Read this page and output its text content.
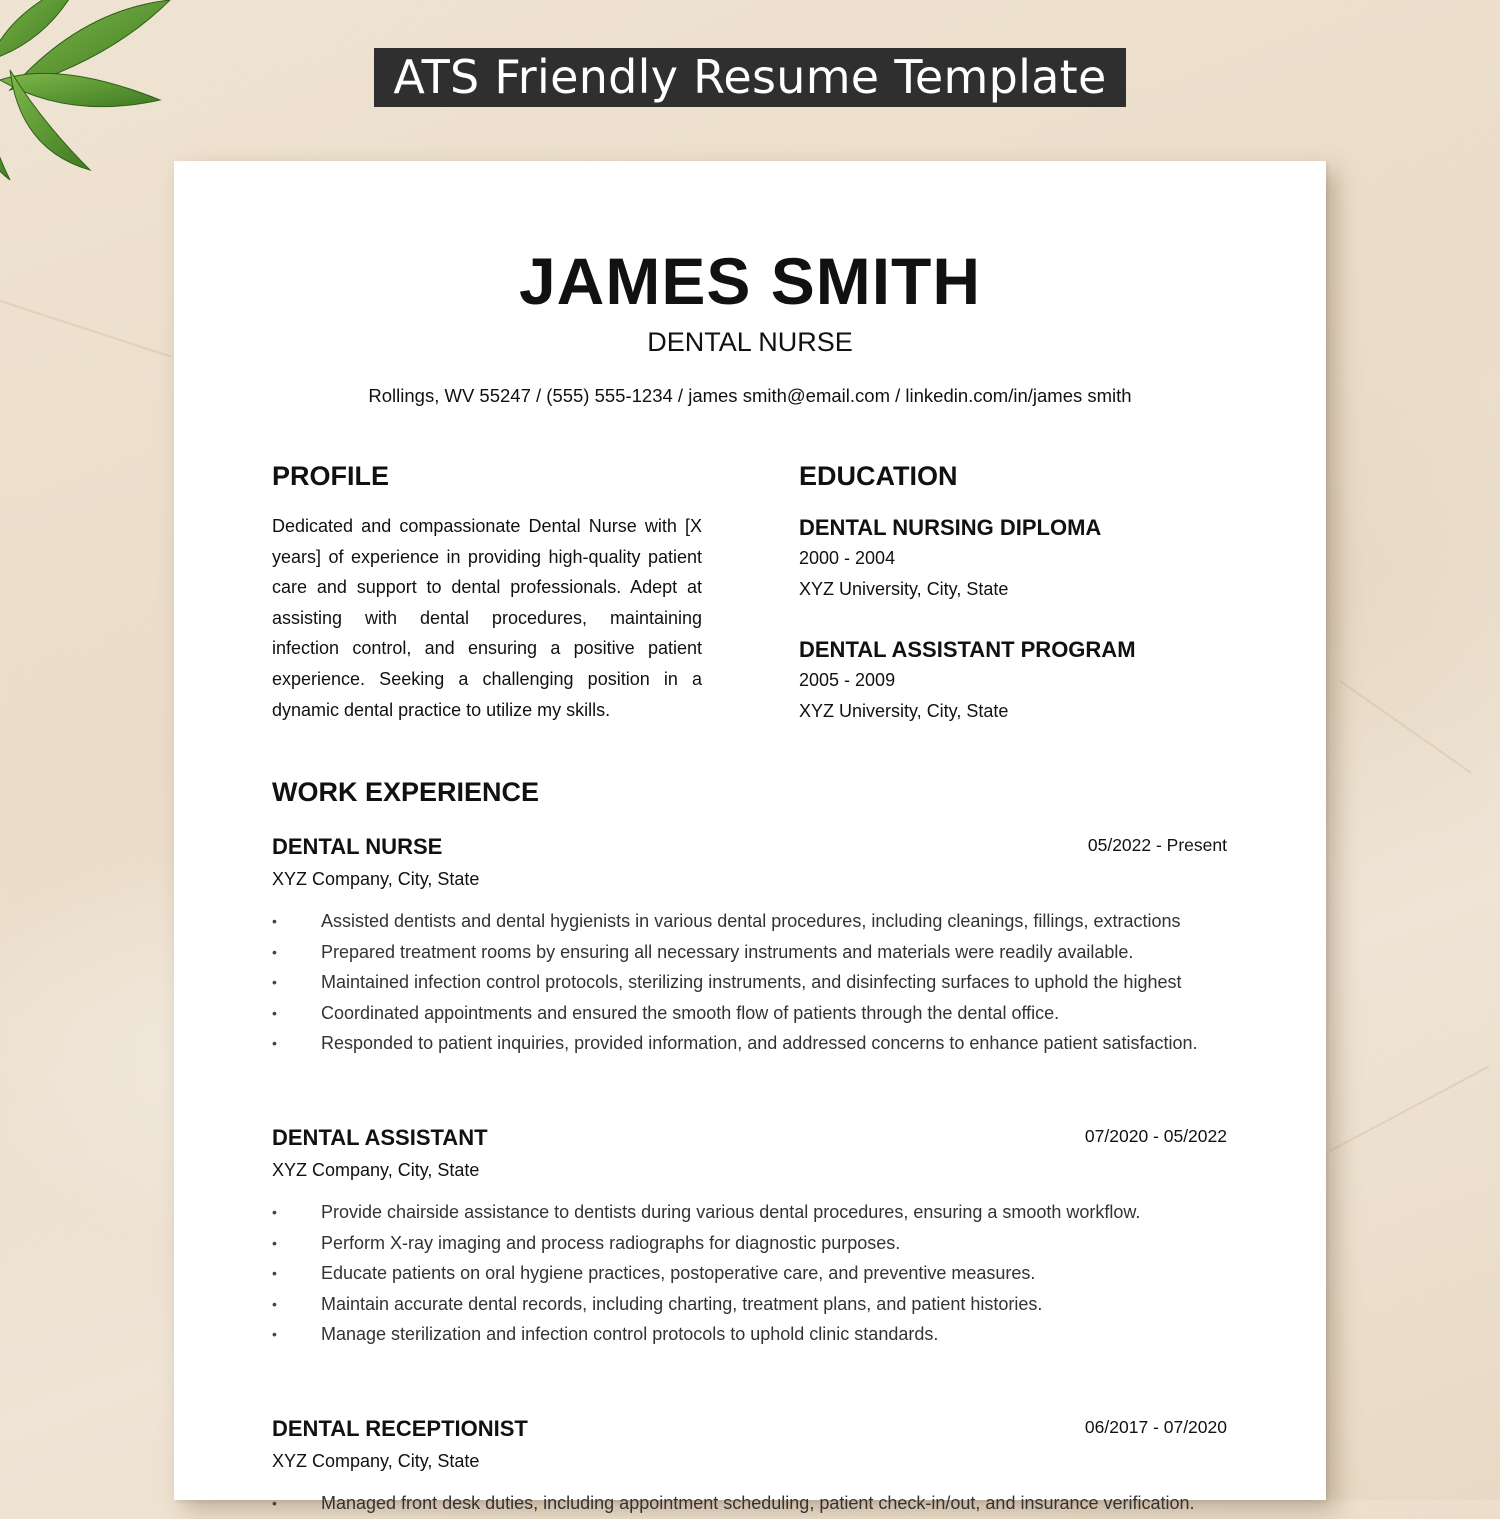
ATS Friendly Resume Template
JAMES SMITH
DENTAL NURSE
Rollings, WV 55247 / (555) 555-1234 / james smith@email.com / linkedin.com/in/james smith
PROFILE
Dedicated and compassionate Dental Nurse with [X years] of experience in providing high-quality patient care and support to dental professionals. Adept at assisting with dental procedures, maintaining infection control, and ensuring a positive patient experience. Seeking a challenging position in a dynamic dental practice to utilize my skills.
EDUCATION
DENTAL NURSING DIPLOMA
2000 - 2004
XYZ University, City, State
DENTAL ASSISTANT PROGRAM
2005 - 2009
XYZ University, City, State
WORK EXPERIENCE
DENTAL NURSE	05/2022 - Present
XYZ Company, City, State
• Assisted dentists and dental hygienists in various dental procedures, including cleanings, fillings, extractions
• Prepared treatment rooms by ensuring all necessary instruments and materials were readily available.
• Maintained infection control protocols, sterilizing instruments, and disinfecting surfaces to uphold the highest
• Coordinated appointments and ensured the smooth flow of patients through the dental office.
• Responded to patient inquiries, provided information, and addressed concerns to enhance patient satisfaction.
DENTAL ASSISTANT	07/2020 - 05/2022
XYZ Company, City, State
• Provide chairside assistance to dentists during various dental procedures, ensuring a smooth workflow.
• Perform X-ray imaging and process radiographs for diagnostic purposes.
• Educate patients on oral hygiene practices, postoperative care, and preventive measures.
• Maintain accurate dental records, including charting, treatment plans, and patient histories.
• Manage sterilization and infection control protocols to uphold clinic standards.
DENTAL RECEPTIONIST	06/2017 - 07/2020
XYZ Company, City, State
• Managed front desk duties, including appointment scheduling, patient check-in/out, and insurance verification.
